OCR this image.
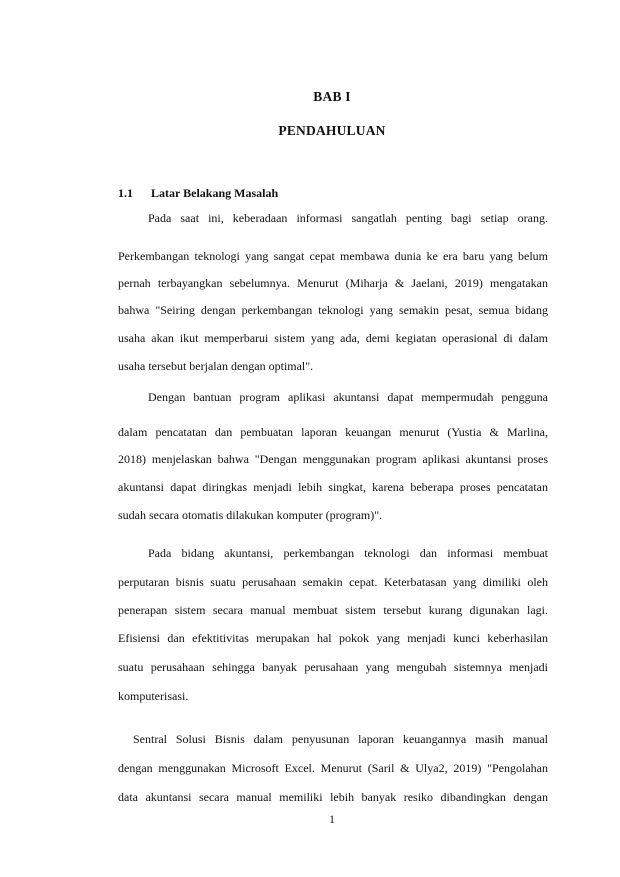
BAB I
PENDAHULUAN
1.1 Latar Belakang Masalah
Pada saat ini, keberadaan informasi sangatlah penting bagi setiap orang.
Perkembangan teknologi yang sangat cepat membawa dunia ke era baru yang belum
pernah terbayangkan sebelumnya. Menurut (Miharja & Jaelani, 2019) mengatakan
bahwa "Seiring dengan perkembangan teknologi yang semakin pesat, semua bidang
usaha akan ikut memperbarui sistem yang ada, demi kegiatan operasional di dalam
usaha tersebut berjalan dengan optimal".
Dengan bantuan program aplikasi akuntansi dapat mempermudah pengguna
dalam pencatatan dan pembuatan laporan keuangan menurut (Yustia & Marlina,
2018) menjelaskan bahwa "Dengan menggunakan program aplikasi akuntansi proses
akuntansi dapat diringkas menjadi lebih singkat, karena beberapa proses pencatatan
sudah secara otomatis dilakukan komputer (program)".
Pada bidang akuntansi, perkembangan teknologi dan informasi membuat
perputaran bisnis suatu perusahaan semakin cepat. Keterbatasan yang dimiliki oleh
penerapan sistem secara manual membuat sistem tersebut kurang digunakan lagi.
Efisiensi dan efektitivitas merupakan hal pokok yang menjadi kunci keberhasilan
suatu perusahaan sehingga banyak perusahaan yang mengubah sistemnya menjadi
komputerisasi.
Sentral Solusi Bisnis dalam penyusunan laporan keuangannya masih manual
dengan menggunakan Microsoft Excel. Menurut (Saril & Ulya2, 2019) "Pengolahan
data akuntansi secara manual memiliki lebih banyak resiko dibandingkan dengan
1
